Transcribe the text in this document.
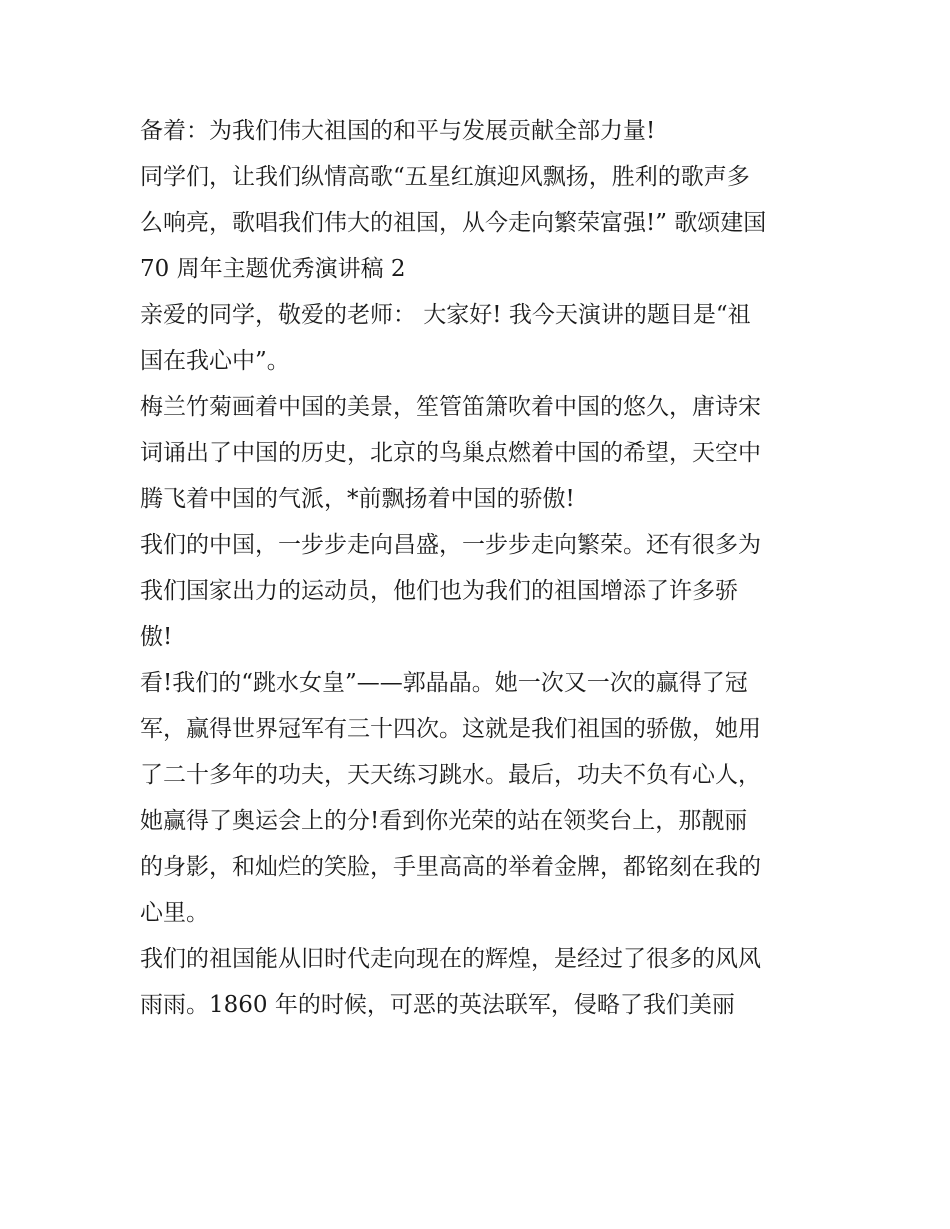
备着：为我们伟大祖国的和平与发展贡献全部力量!
同学们，让我们纵情高歌“五星红旗迎风飘扬，胜利的歌声多
么响亮，歌唱我们伟大的祖国，从今走向繁荣富强!” 歌颂建国
70 周年主题优秀演讲稿 2
亲爱的同学，敬爱的老师： 大家好! 我今天演讲的题目是“祖
国在我心中”。
梅兰竹菊画着中国的美景，笙管笛箫吹着中国的悠久，唐诗宋
词诵出了中国的历史，北京的鸟巢点燃着中国的希望，天空中
腾飞着中国的气派，*前飘扬着中国的骄傲!
我们的中国，一步步走向昌盛，一步步走向繁荣。还有很多为
我们国家出力的运动员，他们也为我们的祖国增添了许多骄
傲!
看!我们的“跳水女皇”——郭晶晶。她一次又一次的赢得了冠
军，赢得世界冠军有三十四次。这就是我们祖国的骄傲，她用
了二十多年的功夫，天天练习跳水。最后，功夫不负有心人，
她赢得了奥运会上的分!看到你光荣的站在领奖台上，那靓丽
的身影，和灿烂的笑脸，手里高高的举着金牌，都铭刻在我的
心里。
我们的祖国能从旧时代走向现在的辉煌，是经过了很多的风风
雨雨。1860 年的时候，可恶的英法联军，侵略了我们美丽
